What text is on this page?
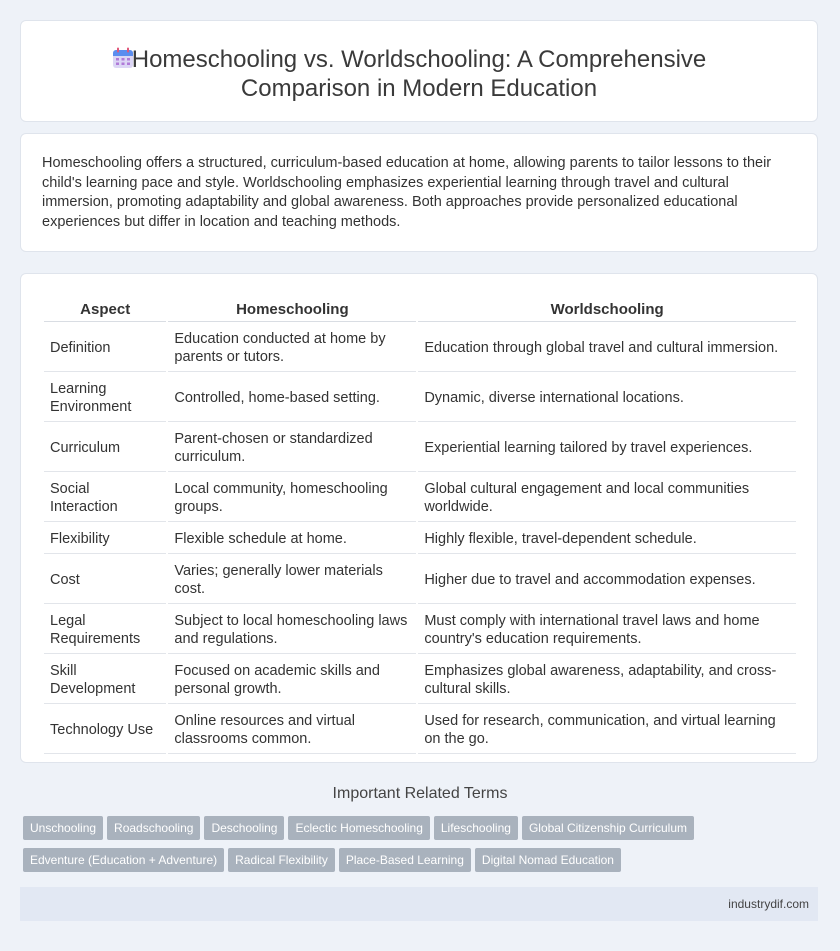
Homeschooling vs. Worldschooling: A Comprehensive
Comparison in Modern Education
Homeschooling offers a structured, curriculum-based education at home, allowing parents to tailor lessons to their child's learning pace and style. Worldschooling emphasizes experiential learning through travel and cultural immersion, promoting adaptability and global awareness. Both approaches provide personalized educational experiences but differ in location and teaching methods.
Aspect	Homeschooling	Worldschooling
Definition	Education conducted at home by parents or tutors.	Education through global travel and cultural immersion.
Learning Environment	Controlled, home-based setting.	Dynamic, diverse international locations.
Curriculum	Parent-chosen or standardized curriculum.	Experiential learning tailored by travel experiences.
Social Interaction	Local community, homeschooling groups.	Global cultural engagement and local communities worldwide.
Flexibility	Flexible schedule at home.	Highly flexible, travel-dependent schedule.
Cost	Varies; generally lower materials cost.	Higher due to travel and accommodation expenses.
Legal Requirements	Subject to local homeschooling laws and regulations.	Must comply with international travel laws and home country's education requirements.
Skill Development	Focused on academic skills and personal growth.	Emphasizes global awareness, adaptability, and cross-cultural skills.
Technology Use	Online resources and virtual classrooms common.	Used for research, communication, and virtual learning on the go.
Important Related Terms
Unschooling Roadschooling Deschooling Eclectic Homeschooling Lifeschooling Global Citizenship Curriculum
Edventure (Education + Adventure) Radical Flexibility Place-Based Learning Digital Nomad Education
industrydif.com
